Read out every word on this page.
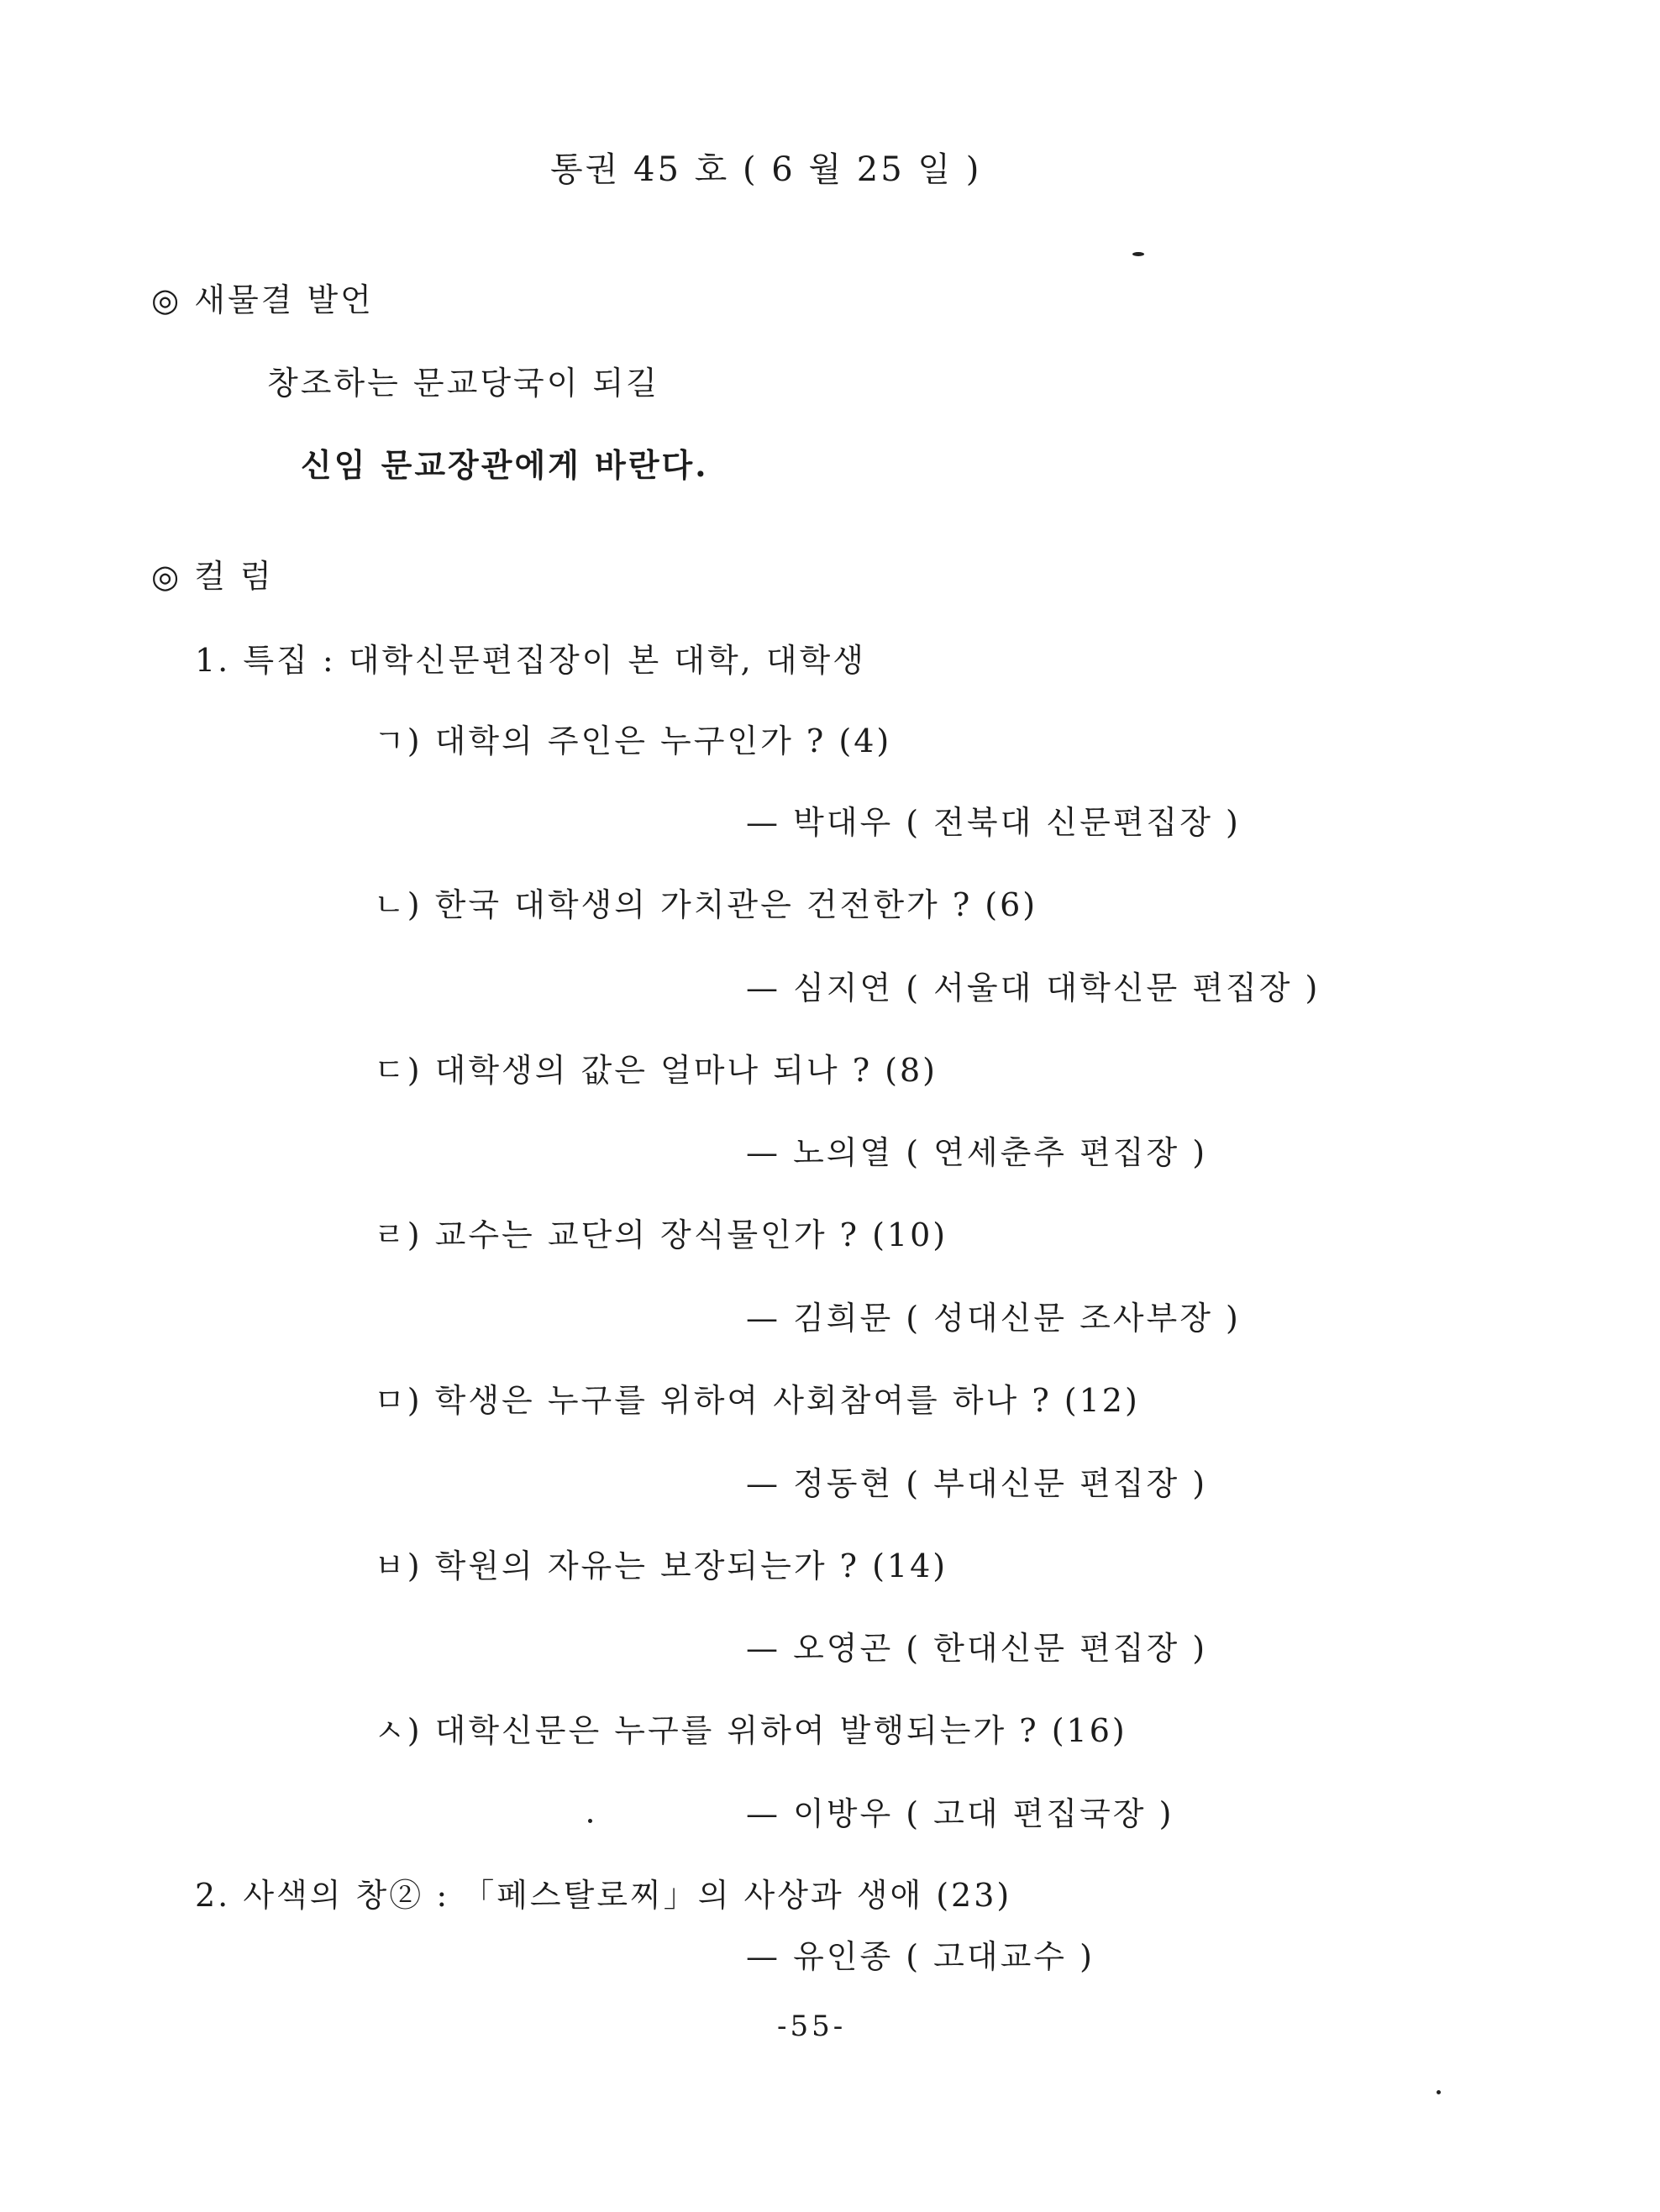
통권 45 호 ( 6 월 25 일 )
◎ 새물결 발언
창조하는 문교당국이 되길
신임 문교장관에게 바란다.
◎ 컬 럼
1. 특집 : 대학신문편집장이 본 대학, 대학생
ㄱ) 대학의 주인은 누구인가 ? (4)
— 박대우 ( 전북대 신문편집장 )
ㄴ) 한국 대학생의 가치관은 건전한가 ? (6)
— 심지연 ( 서울대 대학신문 편집장 )
ㄷ) 대학생의 값은 얼마나 되나 ? (8)
— 노의열 ( 연세춘추 편집장 )
ㄹ) 교수는 교단의 장식물인가 ? (10)
— 김희문 ( 성대신문 조사부장 )
ㅁ) 학생은 누구를 위하여 사회참여를 하나 ? (12)
— 정동현 ( 부대신문 편집장 )
ㅂ) 학원의 자유는 보장되는가 ? (14)
— 오영곤 ( 한대신문 편집장 )
ㅅ) 대학신문은 누구를 위하여 발행되는가 ? (16)
— 이방우 ( 고대 편집국장 )
2. 사색의 창② : 「페스탈로찌」의 사상과 생애 (23)
— 유인종 ( 고대교수 )
-55-
